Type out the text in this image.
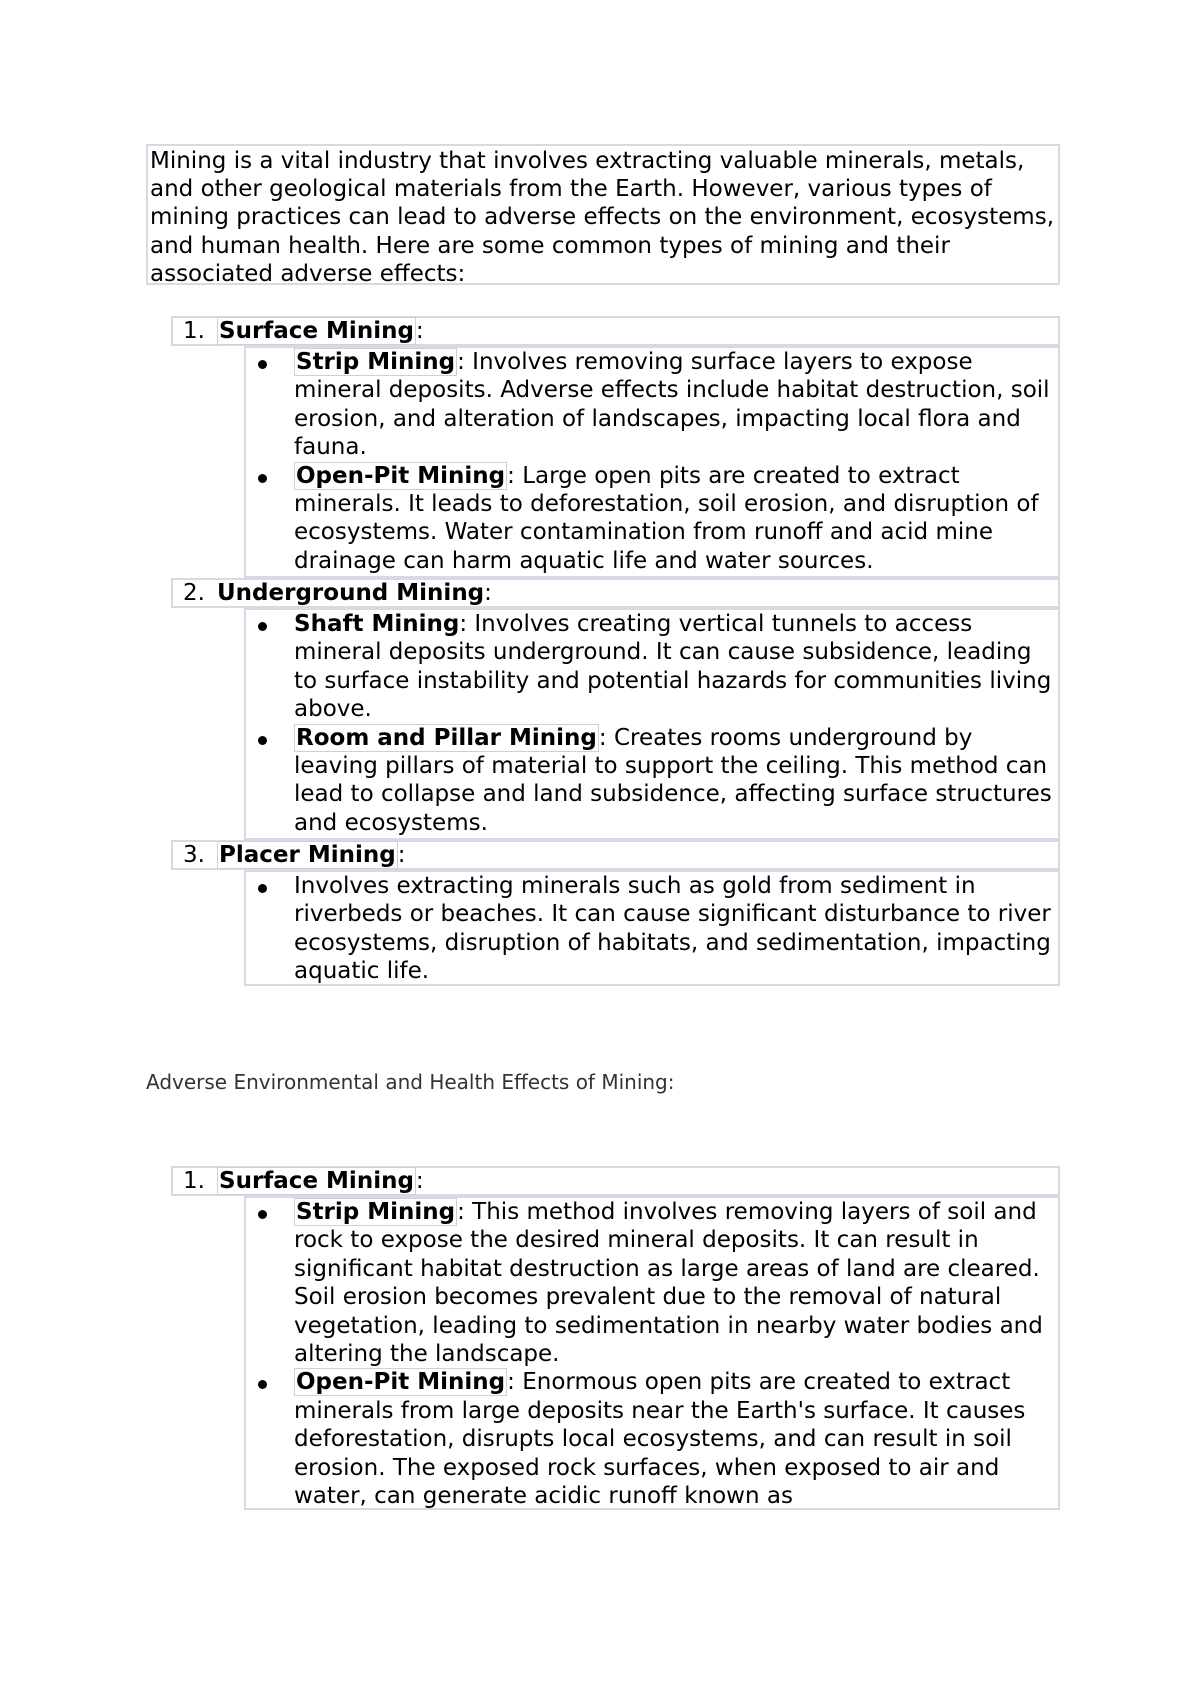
Mining is a vital industry that involves extracting valuable minerals, metals, and other geological materials from the Earth. However, various types of mining practices can lead to adverse effects on the environment, ecosystems, and human health. Here are some common types of mining and their associated adverse effects:
1. Surface Mining:
Strip Mining: Involves removing surface layers to expose mineral deposits. Adverse effects include habitat destruction, soil erosion, and alteration of landscapes, impacting local flora and fauna.
Open-Pit Mining: Large open pits are created to extract minerals. It leads to deforestation, soil erosion, and disruption of ecosystems. Water contamination from runoff and acid mine drainage can harm aquatic life and water sources.
2. Underground Mining:
Shaft Mining: Involves creating vertical tunnels to access mineral deposits underground. It can cause subsidence, leading to surface instability and potential hazards for communities living above.
Room and Pillar Mining: Creates rooms underground by leaving pillars of material to support the ceiling. This method can lead to collapse and land subsidence, affecting surface structures and ecosystems.
3. Placer Mining:
Involves extracting minerals such as gold from sediment in riverbeds or beaches. It can cause significant disturbance to river ecosystems, disruption of habitats, and sedimentation, impacting aquatic life.
Adverse Environmental and Health Effects of Mining:
1. Surface Mining:
Strip Mining: This method involves removing layers of soil and rock to expose the desired mineral deposits. It can result in significant habitat destruction as large areas of land are cleared. Soil erosion becomes prevalent due to the removal of natural vegetation, leading to sedimentation in nearby water bodies and altering the landscape.
Open-Pit Mining: Enormous open pits are created to extract minerals from large deposits near the Earth's surface. It causes deforestation, disrupts local ecosystems, and can result in soil erosion. The exposed rock surfaces, when exposed to air and water, can generate acidic runoff known as
